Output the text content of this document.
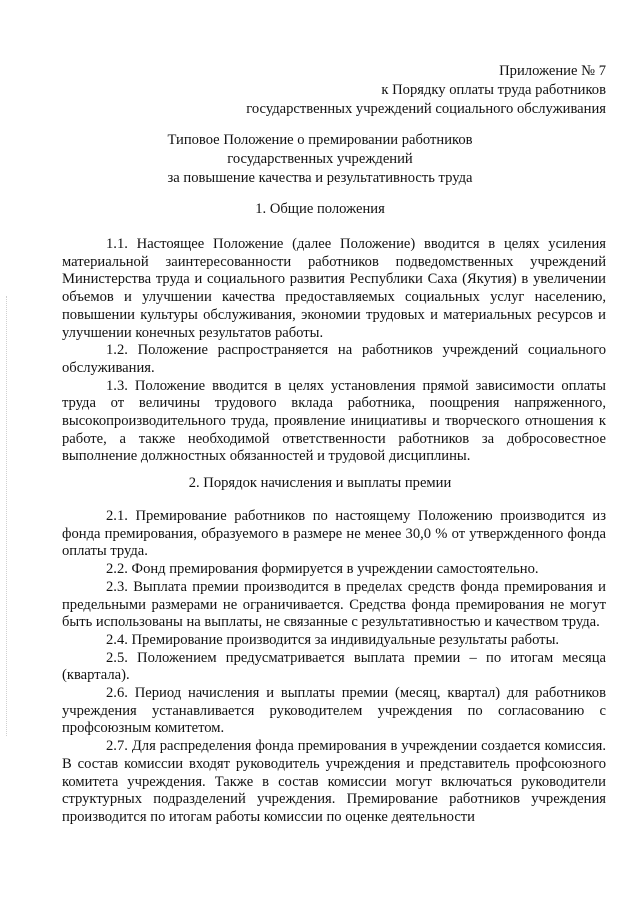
Приложение № 7
к Порядку оплаты труда работников
государственных учреждений социального обслуживания
Типовое Положение о премировании работников
государственных учреждений
за повышение качества и результативность труда
1. Общие положения

1.1. Настоящее Положение (далее Положение) вводится в целях усиления материальной заинтересованности работников подведомственных учреждений Министерства труда и социального развития Республики Саха (Якутия) в увеличении объемов и улучшении качества предоставляемых социальных услуг населению, повышении культуры обслуживания, экономии трудовых и материальных ресурсов и улучшении конечных результатов работы.

1.2. Положение распространяется на работников учреждений социального обслуживания.

1.3. Положение вводится в целях установления прямой зависимости оплаты труда от величины трудового вклада работника, поощрения напряженного, высокопроизводительного труда, проявление инициативы и творческого отношения к работе, а также необходимой ответственности работников за добросовестное выполнение должностных обязанностей и трудовой дисциплины.

2. Порядок начисления и выплаты премии

2.1. Премирование работников по настоящему Положению производится из фонда премирования, образуемого в размере не менее 30,0 % от утвержденного фонда оплаты труда.

2.2. Фонд премирования формируется в учреждении самостоятельно.

2.3. Выплата премии производится в пределах средств фонда премирования и предельными размерами не ограничивается. Средства фонда премирования не могут быть использованы на выплаты, не связанные с результативностью и качеством труда.

2.4. Премирование производится за индивидуальные результаты работы.

2.5. Положением предусматривается выплата премии – по итогам месяца (квартала).

2.6. Период начисления и выплаты премии (месяц, квартал) для работников учреждения устанавливается руководителем учреждения по согласованию с профсоюзным комитетом.

2.7. Для распределения фонда премирования в учреждении создается комиссия. В состав комиссии входят руководитель учреждения и представитель профсоюзного комитета учреждения. Также в состав комиссии могут включаться руководители структурных подразделений учреждения. Премирование работников учреждения производится по итогам работы комиссии по оценке деятельности
